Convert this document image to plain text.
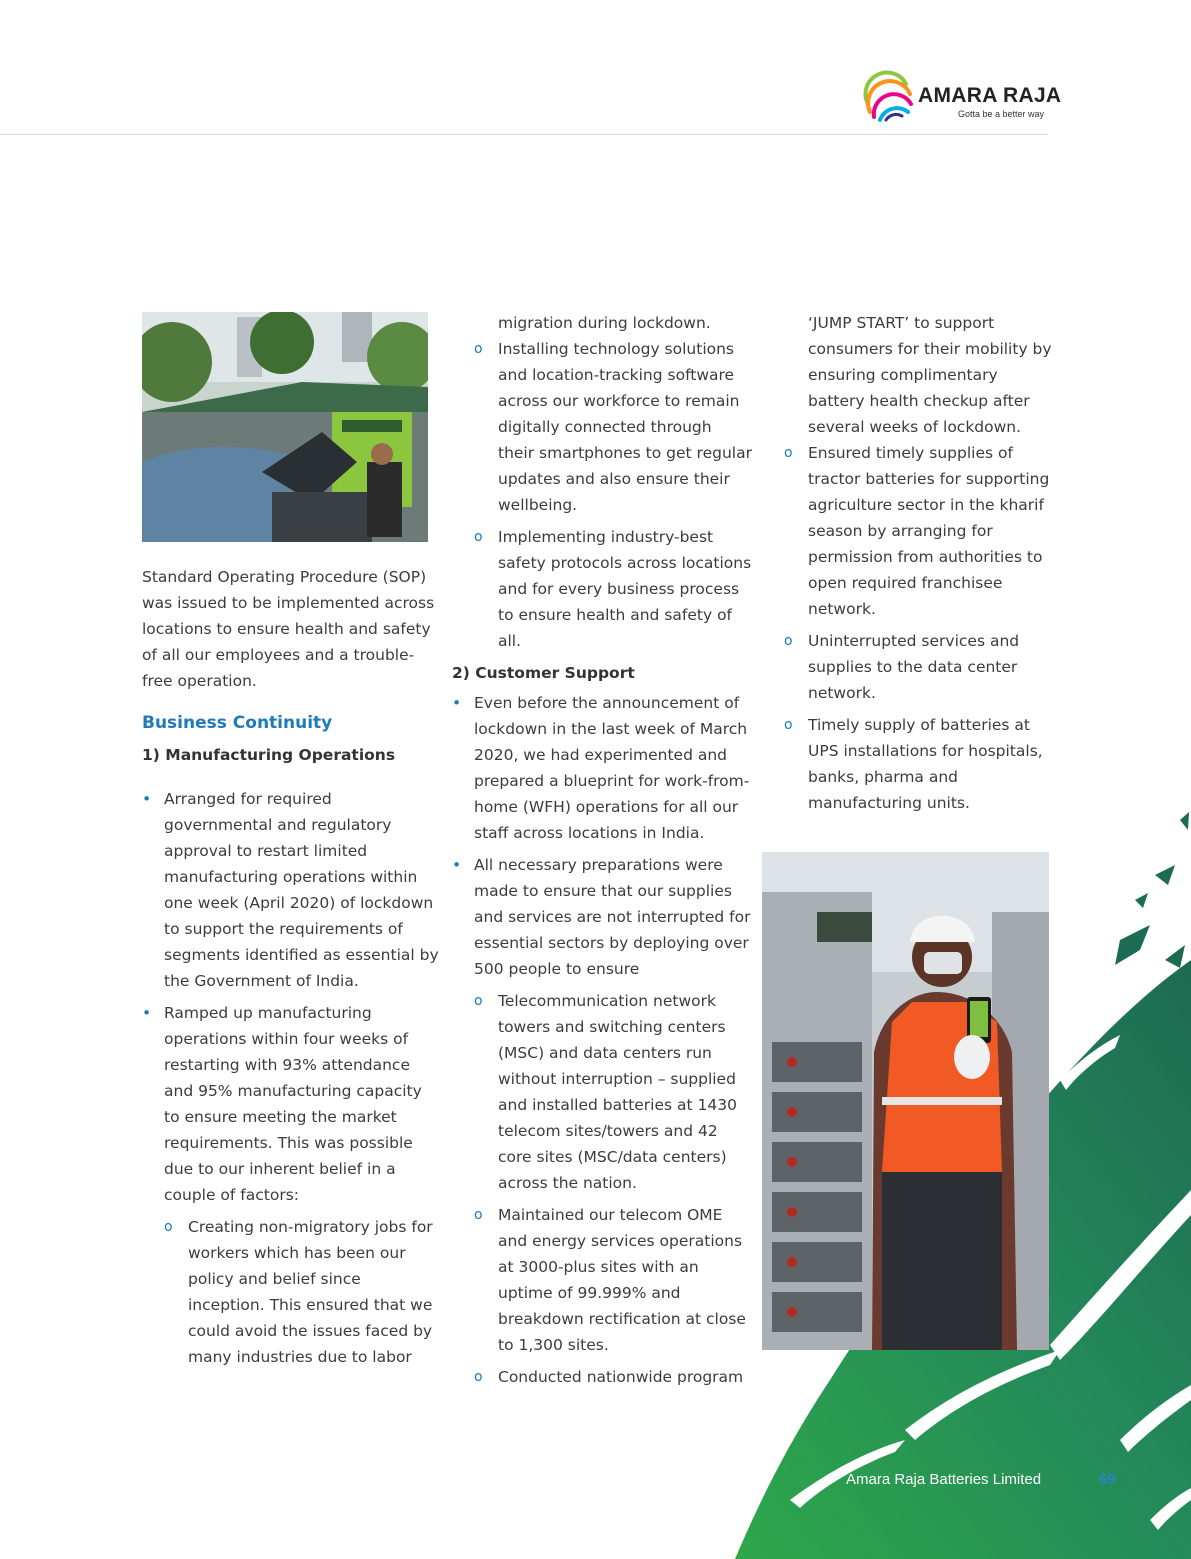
AMARA RAJA
Gotta be a better way

Standard Operating Procedure (SOP) was issued to be implemented across locations to ensure health and safety of all our employees and a trouble-free operation.

Business Continuity

1) Manufacturing Operations

• Arranged for required governmental and regulatory approval to restart limited manufacturing operations within one week (April 2020) of lockdown to support the requirements of segments identified as essential by the Government of India.
• Ramped up manufacturing operations within four weeks of restarting with 93% attendance and 95% manufacturing capacity to ensure meeting the market requirements. This was possible due to our inherent belief in a couple of factors:
o Creating non-migratory jobs for workers which has been our policy and belief since inception. This ensured that we could avoid the issues faced by many industries due to labor

migration during lockdown.

o Installing technology solutions and location-tracking software across our workforce to remain digitally connected through their smartphones to get regular updates and also ensure their wellbeing.
o Implementing industry-best safety protocols across locations and for every business process to ensure health and safety of all.

2) Customer Support

• Even before the announcement of lockdown in the last week of March 2020, we had experimented and prepared a blueprint for work-from-home (WFH) operations for all our staff across locations in India.
• All necessary preparations were made to ensure that our supplies and services are not interrupted for essential sectors by deploying over 500 people to ensure
o Telecommunication network towers and switching centers (MSC) and data centers run without interruption – supplied and installed batteries at 1430 telecom sites/towers and 42 core sites (MSC/data centers) across the nation.
o Maintained our telecom OME and energy services operations at 3000-plus sites with an uptime of 99.999% and breakdown rectification at close to 1,300 sites.
o Conducted nationwide program

‘JUMP START’ to support consumers for their mobility by ensuring complimentary battery health checkup after several weeks of lockdown.

o Ensured timely supplies of tractor batteries for supporting agriculture sector in the kharif season by arranging for permission from authorities to open required franchisee network.
o Uninterrupted services and supplies to the data center network.
o Timely supply of batteries at UPS installations for hospitals, banks, pharma and manufacturing units.
Amara Raja Batteries Limited	69
